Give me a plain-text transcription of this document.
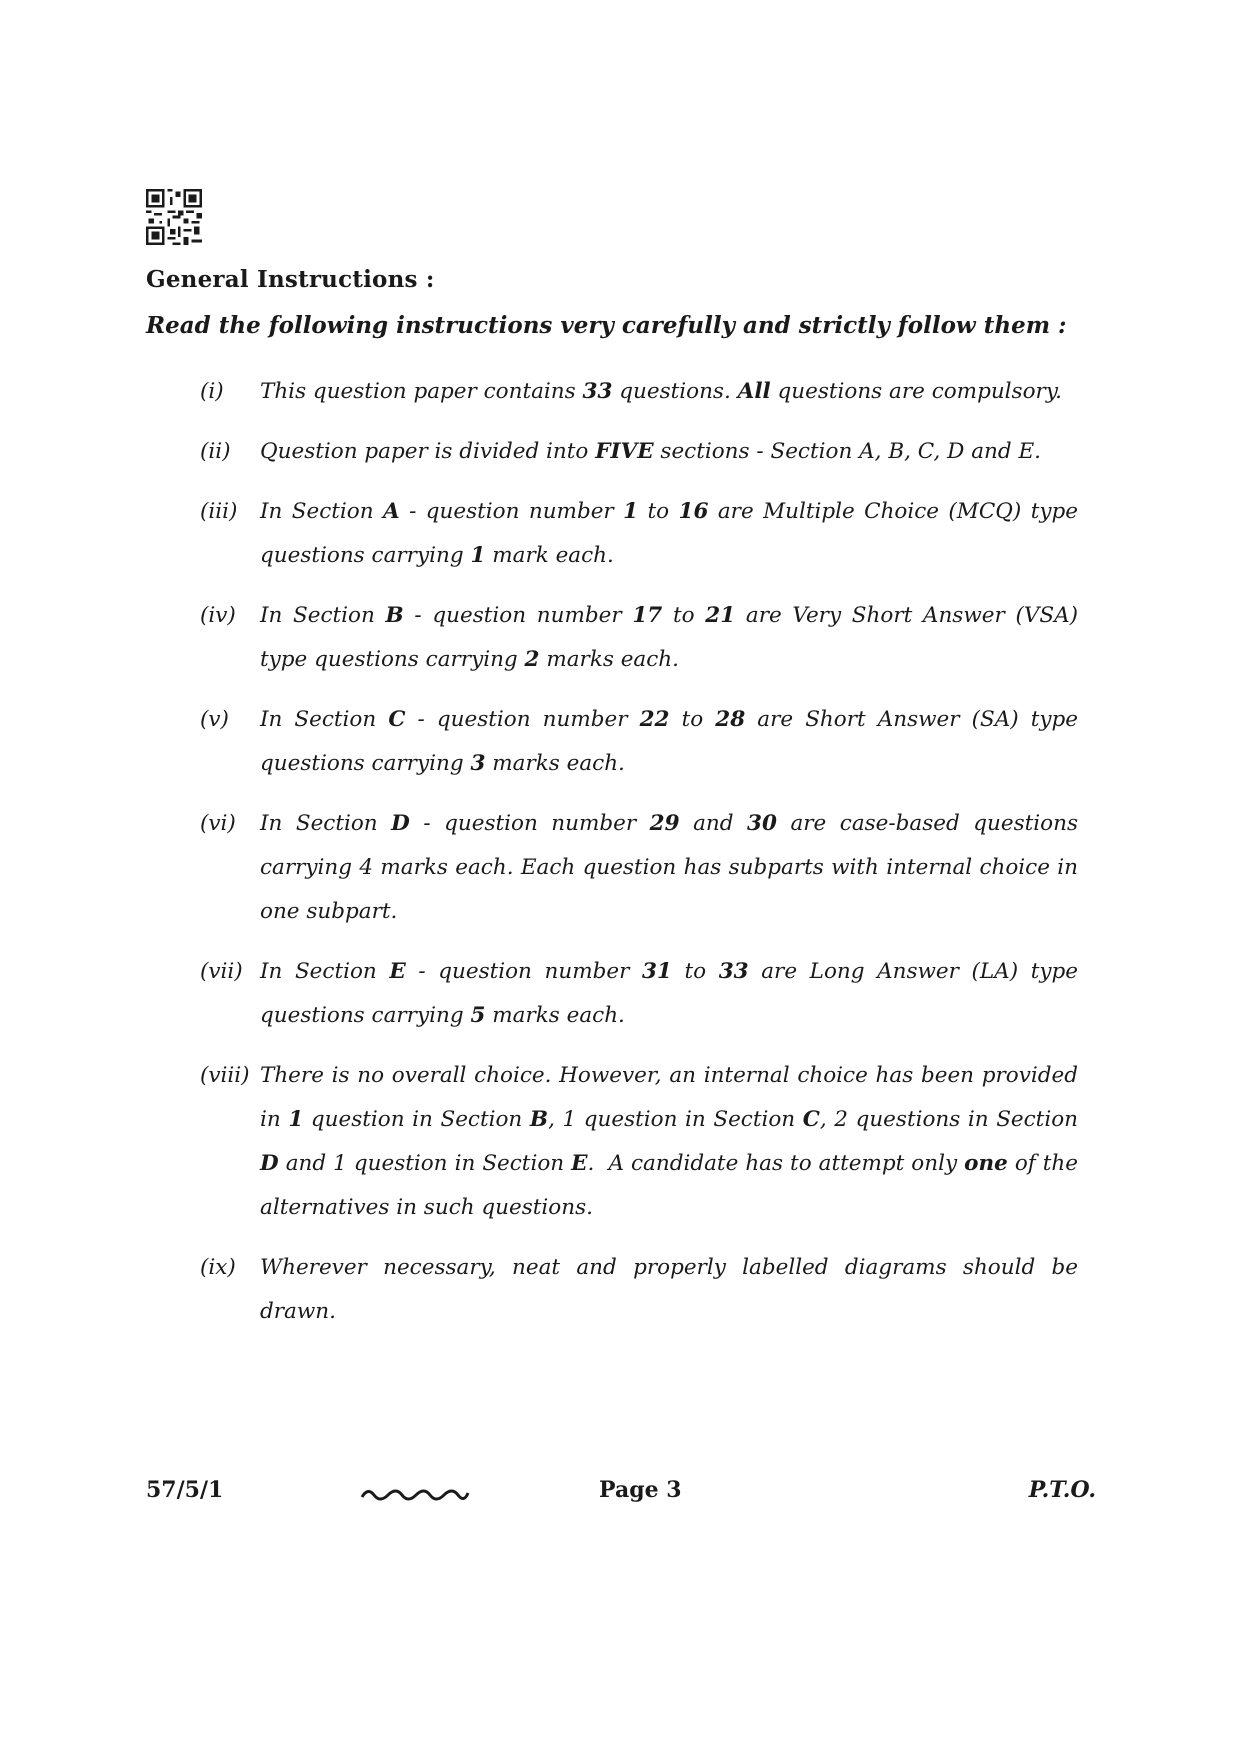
General Instructions :
Read the following instructions very carefully and strictly follow them :
(i) This question paper contains 33 questions. All questions are compulsory.
(ii) Question paper is divided into FIVE sections - Section A, B, C, D and E.
(iii) In Section A - question number 1 to 16 are Multiple Choice (MCQ) type questions carrying 1 mark each.
(iv) In Section B - question number 17 to 21 are Very Short Answer (VSA) type questions carrying 2 marks each.
(v) In Section C - question number 22 to 28 are Short Answer (SA) type questions carrying 3 marks each.
(vi) In Section D - question number 29 and 30 are case-based questions carrying 4 marks each. Each question has subparts with internal choice in one subpart.
(vii) In Section E - question number 31 to 33 are Long Answer (LA) type questions carrying 5 marks each.
(viii) There is no overall choice. However, an internal choice has been provided in 1 question in Section B, 1 question in Section C, 2 questions in Section D and 1 question in Section E.  A candidate has to attempt only one of the alternatives in such questions.
(ix) Wherever necessary, neat and properly labelled diagrams should be drawn.
57/5/1	Page 3	P.T.O.
